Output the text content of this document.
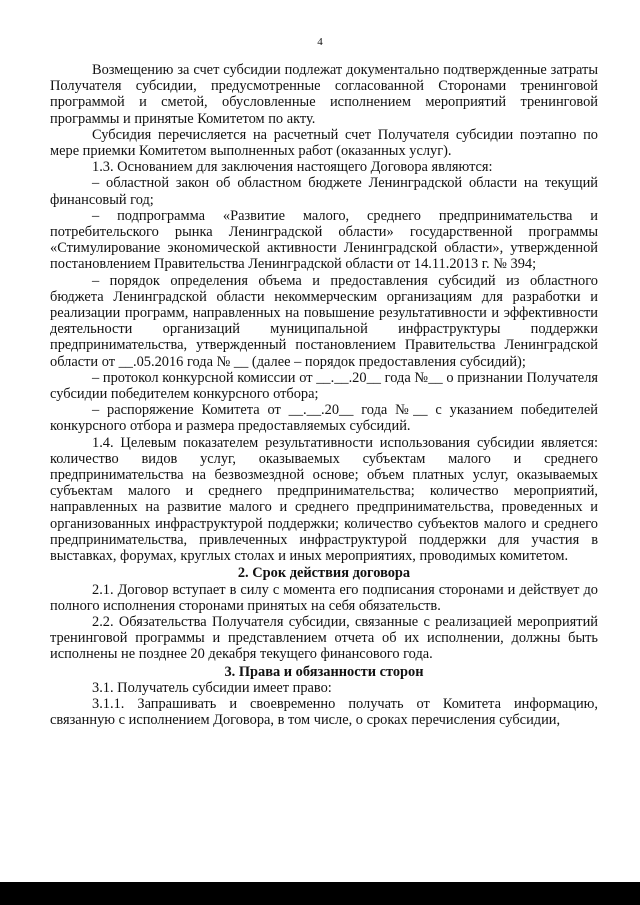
4

Возмещению за счет субсидии подлежат документально подтвержденные затраты Получателя субсидии, предусмотренные согласованной Сторонами тренинговой программой и сметой, обусловленные исполнением мероприятий тренинговой программы и принятые Комитетом по акту.

Субсидия перечисляется на расчетный счет Получателя субсидии поэтапно по мере приемки Комитетом выполненных работ (оказанных услуг).

1.3. Основанием для заключения настоящего Договора являются:

– областной закон об областном бюджете Ленинградской области на текущий финансовый год;

– подпрограмма «Развитие малого, среднего предпринимательства и потребительского рынка Ленинградской области» государственной программы «Стимулирование экономической активности Ленинградской области», утвержденной постановлением Правительства Ленинградской области от 14.11.2013 г. № 394;

– порядок определения объема и предоставления субсидий из областного бюджета Ленинградской области некоммерческим организациям для разработки и реализации программ, направленных на повышение результативности и эффективности деятельности организаций муниципальной инфраструктуры поддержки предпринимательства, утвержденный постановлением Правительства Ленинградской области от __.05.2016 года № __ (далее – порядок предоставления субсидий);

– протокол конкурсной комиссии от __.__.20__ года №__ о признании Получателя субсидии победителем конкурсного отбора;

– распоряжение Комитета от __.__.20__ года №__ с указанием победителей конкурсного отбора и размера предоставляемых субсидий.

1.4. Целевым показателем результативности использования субсидии является: количество видов услуг, оказываемых субъектам малого и среднего предпринимательства на безвозмездной основе; объем платных услуг, оказываемых субъектам малого и среднего предпринимательства; количество мероприятий, направленных на развитие малого и среднего предпринимательства, проведенных и организованных инфраструктурой поддержки; количество субъектов малого и среднего предпринимательства, привлеченных инфраструктурой поддержки для участия в выставках, форумах, круглых столах и иных мероприятиях, проводимых комитетом.

2. Срок действия договора

2.1. Договор вступает в силу с момента его подписания сторонами и действует до полного исполнения сторонами принятых на себя обязательств.

2.2. Обязательства Получателя субсидии, связанные с реализацией мероприятий тренинговой программы и представлением отчета об их исполнении, должны быть исполнены не позднее 20 декабря текущего финансового года.

3. Права и обязанности сторон

3.1. Получатель субсидии имеет право:

3.1.1. Запрашивать и своевременно получать от Комитета информацию, связанную с исполнением Договора, в том числе, о сроках перечисления субсидии,
